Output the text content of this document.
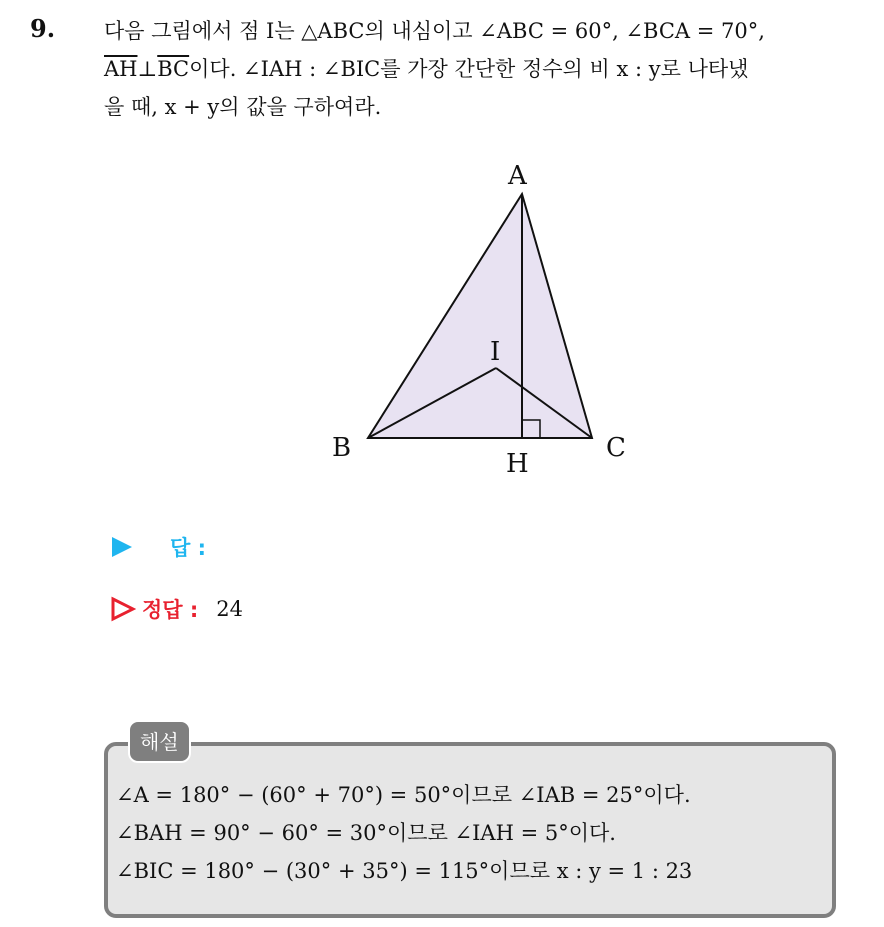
9. 다음 그림에서 점 I는 △ABC의 내심이고 ∠ABC = 60°, ∠BCA = 70°,
$\overline{AH}\perp\overline{BC}$이다. ∠IAH : ∠BIC를 가장 간단한 정수의 비 x : y로 나타냈
을 때, x + y의 값을 구하여라.
A
B	C
H
I
답 :
정답 : 24
해설
∠A = 180° − (60° + 70°) = 50°이므로 ∠IAB = 25°이다.
∠BAH = 90° − 60° = 30°이므로 ∠IAH = 5°이다.
∠BIC = 180° − (30° + 35°) = 115°이므로 x : y = 1 : 23
